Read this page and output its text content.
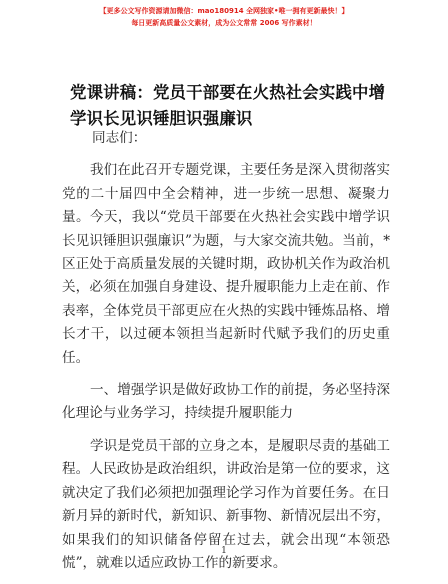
【更多公文写作资源请加微信：mao180914 全网独家•唯一拥有更新最快！】
每日更新高质量公文素材，成为公文常常 2006 写作素材！
党课讲稿：党员干部要在火热社会实践中增学识长见识锤胆识强廉识
同志们：

我们在此召开专题党课，主要任务是深入贯彻落实党的二十届四中全会精神，进一步统一思想、凝聚力量。今天，我以“党员干部要在火热社会实践中增学识长见识锤胆识强廉识”为题，与大家交流共勉。当前，*区正处于高质量发展的关键时期，政协机关作为政治机关，必须在加强自身建设、提升履职能力上走在前、作表率，全体党员干部更应在火热的实践中锤炼品格、增长才干，以过硬本领担当起新时代赋予我们的历史重任。

一、增强学识是做好政协工作的前提，务必坚持深化理论与业务学习，持续提升履职能力

学识是党员干部的立身之本，是履职尽责的基础工程。人民政协是政治组织，讲政治是第一位的要求，这就决定了我们必须把加强理论学习作为首要任务。在日新月异的新时代，新知识、新事物、新情况层出不穷，如果我们的知识储备停留在过去，就会出现“本领恐慌”，就难以适应政协工作的新要求。

1
